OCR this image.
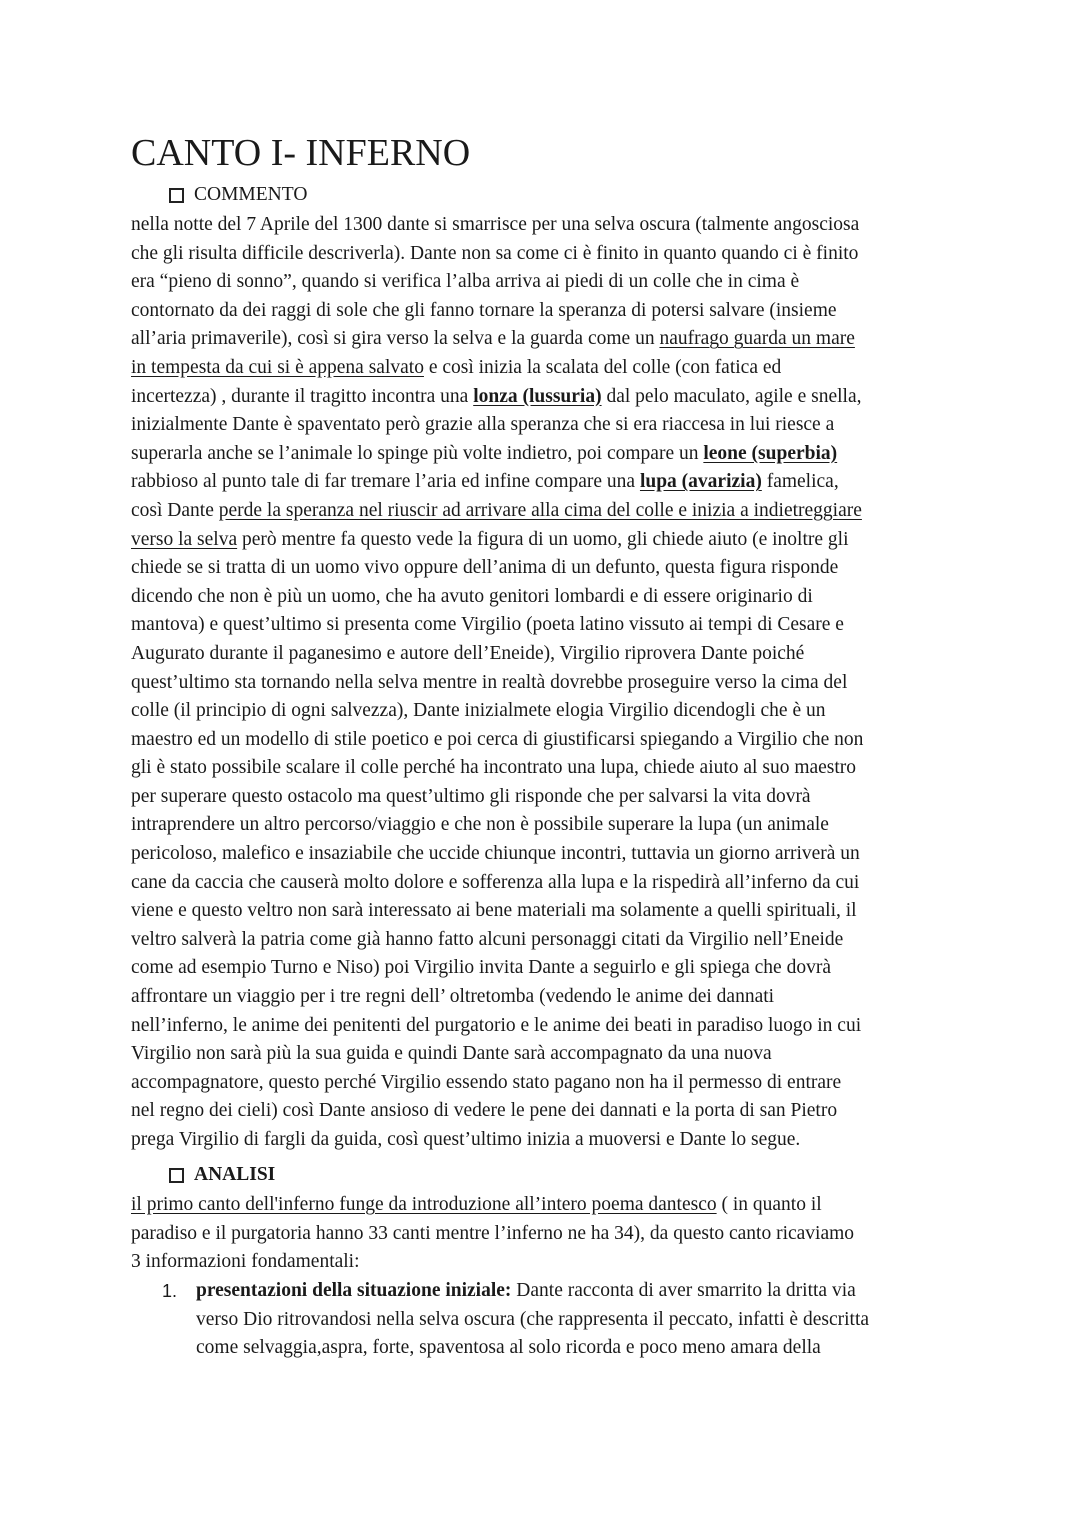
CANTO I- INFERNO
COMMENTO
nella notte del 7 Aprile del 1300 dante si smarrisce per una selva oscura (talmente angosciosa
che gli risulta difficile descriverla). Dante non sa come ci è finito in quanto quando ci è finito
era “pieno di sonno”, quando si verifica l’alba arriva ai piedi di un colle che in cima è
contornato da dei raggi di sole che gli fanno tornare la speranza di potersi salvare (insieme
all’aria primaverile), così si gira verso la selva e la guarda come un naufrago guarda un mare
in tempesta da cui si è appena salvato e così inizia la scalata del colle (con fatica ed
incertezza) , durante il tragitto incontra una lonza (lussuria) dal pelo maculato, agile e snella,
inizialmente Dante è spaventato però grazie alla speranza che si era riaccesa in lui riesce a
superarla anche se l’animale lo spinge più volte indietro, poi compare un leone (superbia)
rabbioso al punto tale di far tremare l’aria ed infine compare una lupa (avarizia) famelica,
così Dante perde la speranza nel riuscir ad arrivare alla cima del colle e inizia a indietreggiare
verso la selva però mentre fa questo vede la figura di un uomo, gli chiede aiuto (e inoltre gli
chiede se si tratta di un uomo vivo oppure dell’anima di un defunto, questa figura risponde
dicendo che non è più un uomo, che ha avuto genitori lombardi e di essere originario di
mantova) e quest’ultimo si presenta come Virgilio (poeta latino vissuto ai tempi di Cesare e
Augurato durante il paganesimo e autore dell’Eneide), Virgilio riprovera Dante poiché
quest’ultimo sta tornando nella selva mentre in realtà dovrebbe proseguire verso la cima del
colle (il principio di ogni salvezza), Dante inizialmete elogia Virgilio dicendogli che è un
maestro ed un modello di stile poetico e poi cerca di giustificarsi spiegando a Virgilio che non
gli è stato possibile scalare il colle perché ha incontrato una lupa, chiede aiuto al suo maestro
per superare questo ostacolo ma quest’ultimo gli risponde che per salvarsi la vita dovrà
intraprendere un altro percorso/viaggio e che non è possibile superare la lupa (un animale
pericoloso, malefico e insaziabile che uccide chiunque incontri, tuttavia un giorno arriverà un
cane da caccia che causerà molto dolore e sofferenza alla lupa e la rispedirà all’inferno da cui
viene e questo veltro non sarà interessato ai bene materiali ma solamente a quelli spirituali, il
veltro salverà la patria come già hanno fatto alcuni personaggi citati da Virgilio nell’Eneide
come ad esempio Turno e Niso) poi Virgilio invita Dante a seguirlo e gli spiega che dovrà
affrontare un viaggio per i tre regni dell’ oltretomba (vedendo le anime dei dannati
nell’inferno, le anime dei penitenti del purgatorio e le anime dei beati in paradiso luogo in cui
Virgilio non sarà più la sua guida e quindi Dante sarà accompagnato da una nuova
accompagnatore, questo perché Virgilio essendo stato pagano non ha il permesso di entrare
nel regno dei cieli) così Dante ansioso di vedere le pene dei dannati e la porta di san Pietro
prega Virgilio di fargli da guida, così quest’ultimo inizia a muoversi e Dante lo segue.
ANALISI
il primo canto dell'inferno funge da introduzione all’intero poema dantesco ( in quanto il
paradiso e il purgatoria hanno 33 canti mentre l’inferno ne ha 34), da questo canto ricaviamo
3 informazioni fondamentali:
1. presentazioni della situazione iniziale: Dante racconta di aver smarrito la dritta via
verso Dio ritrovandosi nella selva oscura (che rappresenta il peccato, infatti è descritta
come selvaggia,aspra, forte, spaventosa al solo ricorda e poco meno amara della
